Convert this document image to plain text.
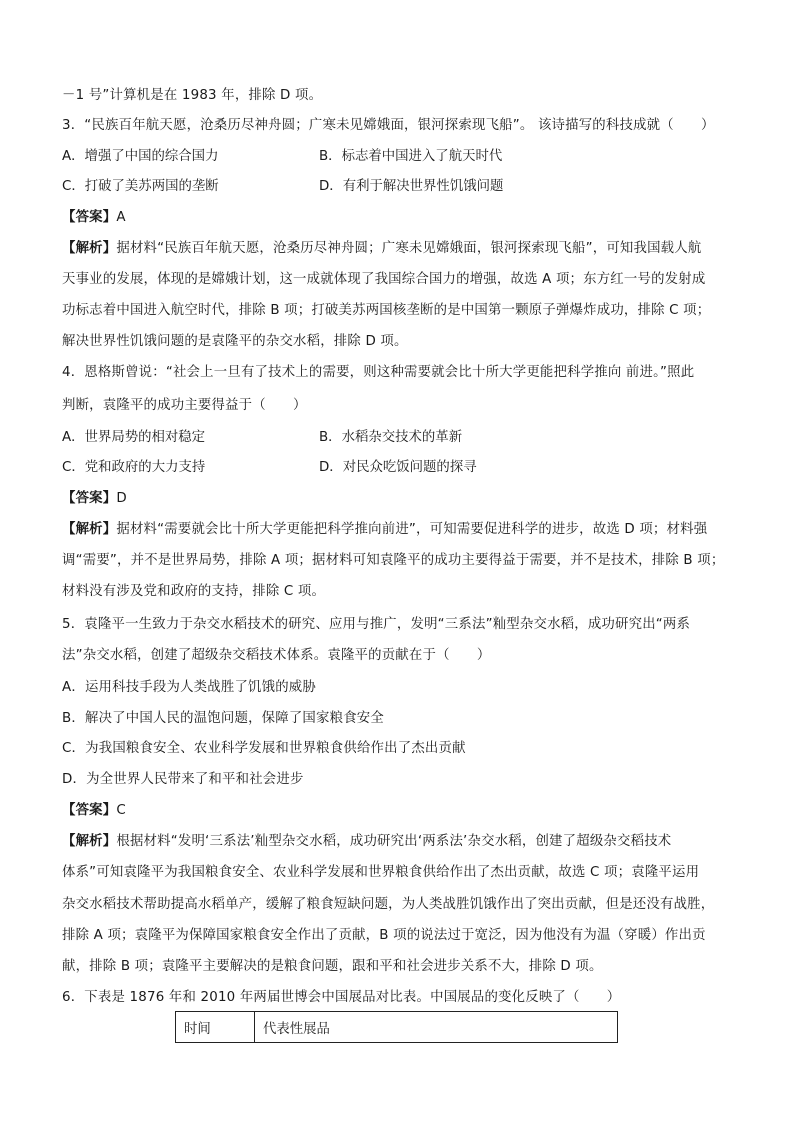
－1 号”计算机是在 1983 年，排除 D 项。
3．“民族百年航天愿，沧桑历尽神舟圆；广寒未见嫦娥面，银河探索现飞船”。 该诗描写的科技成就（　　）
A．增强了中国的综合国力	B．标志着中国进入了航天时代
C．打破了美苏两国的垄断	D．有利于解决世界性饥饿问题
【答案】A
【解析】据材料“民族百年航天愿，沧桑历尽神舟圆；广寒未见嫦娥面，银河探索现飞船”，可知我国载人航
天事业的发展，体现的是嫦娥计划，这一成就体现了我国综合国力的增强，故选 A 项；东方红一号的发射成
功标志着中国进入航空时代，排除 B 项；打破美苏两国核垄断的是中国第一颗原子弹爆炸成功，排除 C 项；
解决世界性饥饿问题的是袁隆平的杂交水稻，排除 D 项。
4．恩格斯曾说：“社会上一旦有了技术上的需要，则这种需要就会比十所大学更能把科学推向 前进。”照此
判断，袁隆平的成功主要得益于（　　）
A．世界局势的相对稳定	B．水稻杂交技术的革新
C．党和政府的大力支持	D．对民众吃饭问题的探寻
【答案】D
【解析】据材料“需要就会比十所大学更能把科学推向前进”，可知需要促进科学的进步，故选 D 项；材料强
调“需要”，并不是世界局势，排除 A 项；据材料可知袁隆平的成功主要得益于需要，并不是技术，排除 B 项；
材料没有涉及党和政府的支持，排除 C 项。
5．袁隆平一生致力于杂交水稻技术的研究、应用与推广，发明“三系法”籼型杂交水稻，成功研究出“两系
法”杂交水稻，创建了超级杂交稻技术体系。袁隆平的贡献在于（　　）
A．运用科技手段为人类战胜了饥饿的威胁
B．解决了中国人民的温饱问题，保障了国家粮食安全
C．为我国粮食安全、农业科学发展和世界粮食供给作出了杰出贡献
D．为全世界人民带来了和平和社会进步
【答案】C
【解析】根据材料“发明‘三系法’籼型杂交水稻，成功研究出‘两系法’杂交水稻，创建了超级杂交稻技术
体系”可知袁隆平为我国粮食安全、农业科学发展和世界粮食供给作出了杰出贡献，故选 C 项；袁隆平运用
杂交水稻技术帮助提高水稻单产，缓解了粮食短缺问题，为人类战胜饥饿作出了突出贡献，但是还没有战胜，
排除 A 项；袁隆平为保障国家粮食安全作出了贡献，B 项的说法过于宽泛，因为他没有为温（穿暖）作出贡
献，排除 B 项；袁隆平主要解决的是粮食问题，跟和平和社会进步关系不大，排除 D 项。
6．下表是 1876 年和 2010 年两届世博会中国展品对比表。中国展品的变化反映了（　　）
时间	代表性展品
